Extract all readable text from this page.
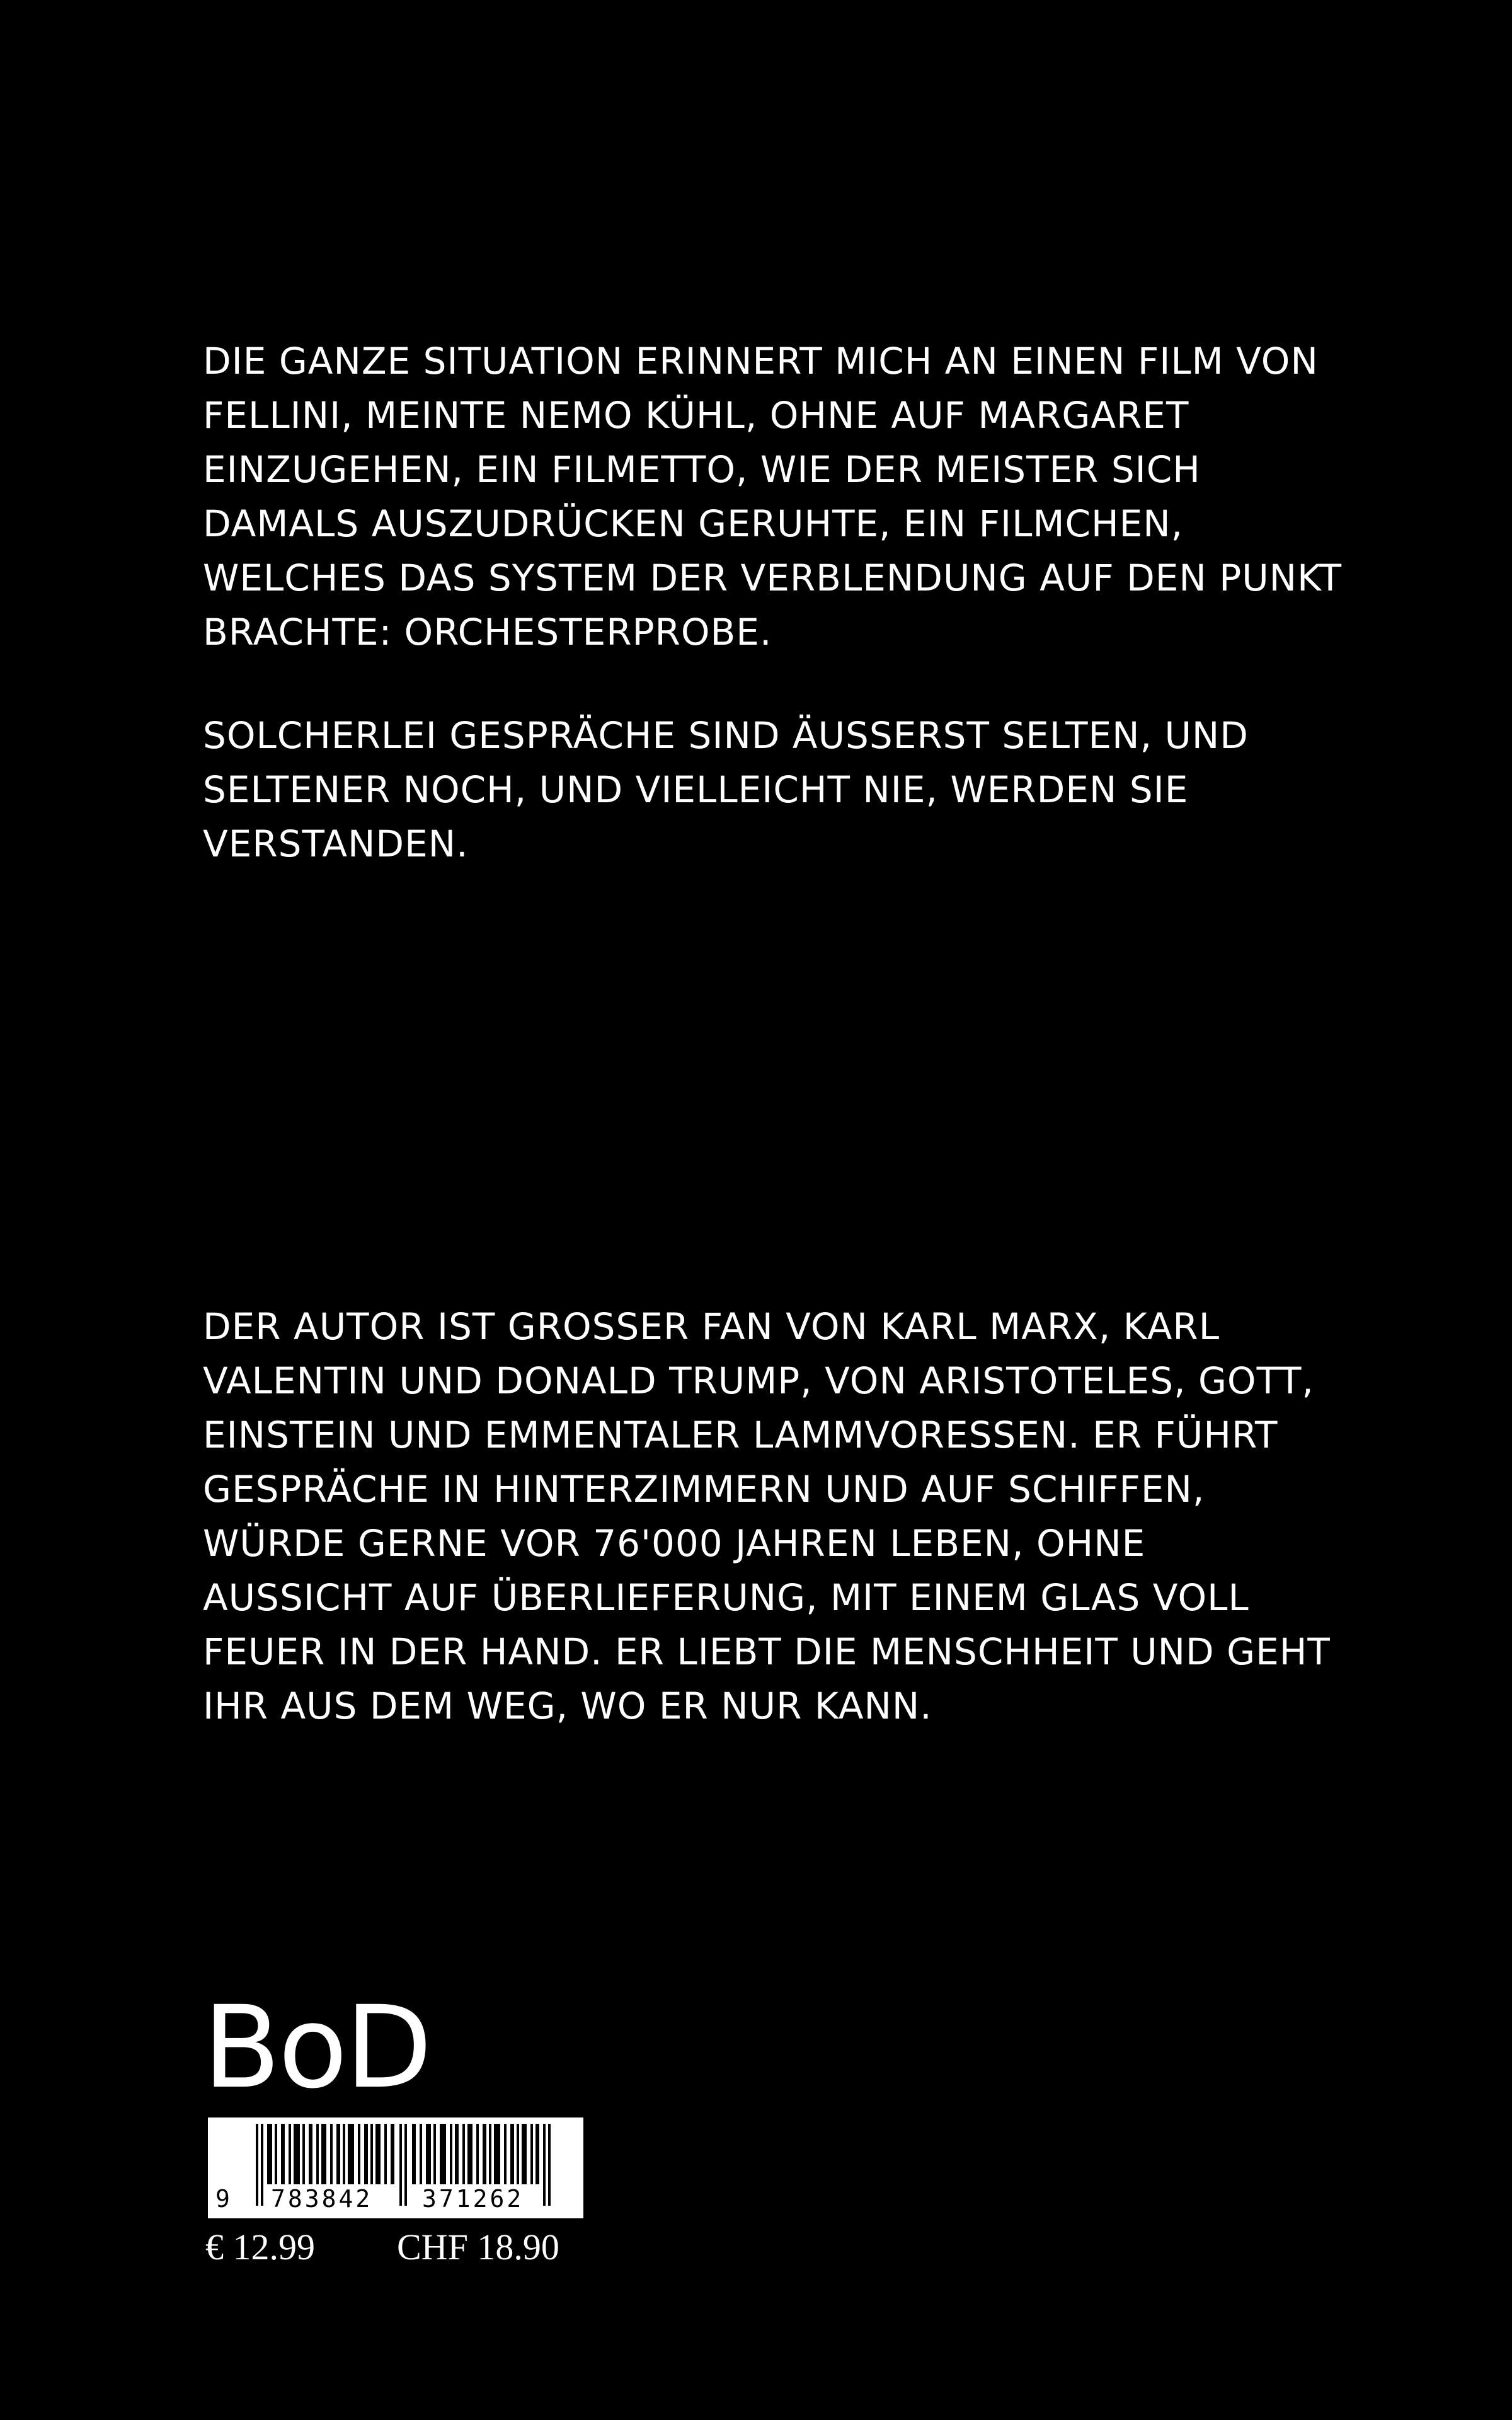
DIE GANZE SITUATION ERINNERT MICH AN EINEN FILM VON
FELLINI, MEINTE NEMO KÜHL, OHNE AUF MARGARET
EINZUGEHEN, EIN FILMETTO, WIE DER MEISTER SICH
DAMALS AUSZUDRÜCKEN GERUHTE, EIN FILMCHEN,
WELCHES DAS SYSTEM DER VERBLENDUNG AUF DEN PUNKT
BRACHTE: ORCHESTERPROBE.
SOLCHERLEI GESPRÄCHE SIND ÄUSSERST SELTEN, UND
SELTENER NOCH, UND VIELLEICHT NIE, WERDEN SIE
VERSTANDEN.
DER AUTOR IST GROSSER FAN VON KARL MARX, KARL
VALENTIN UND DONALD TRUMP, VON ARISTOTELES, GOTT,
EINSTEIN UND EMMENTALER LAMMVORESSEN. ER FÜHRT
GESPRÄCHE IN HINTERZIMMERN UND AUF SCHIFFEN,
WÜRDE GERNE VOR 76'000 JAHREN LEBEN, OHNE
AUSSICHT AUF ÜBERLIEFERUNG, MIT EINEM GLAS VOLL
FEUER IN DER HAND. ER LIEBT DIE MENSCHHEIT UND GEHT
IHR AUS DEM WEG, WO ER NUR KANN.
BoD
9 783842 371262
€ 12.99 CHF 18.90
